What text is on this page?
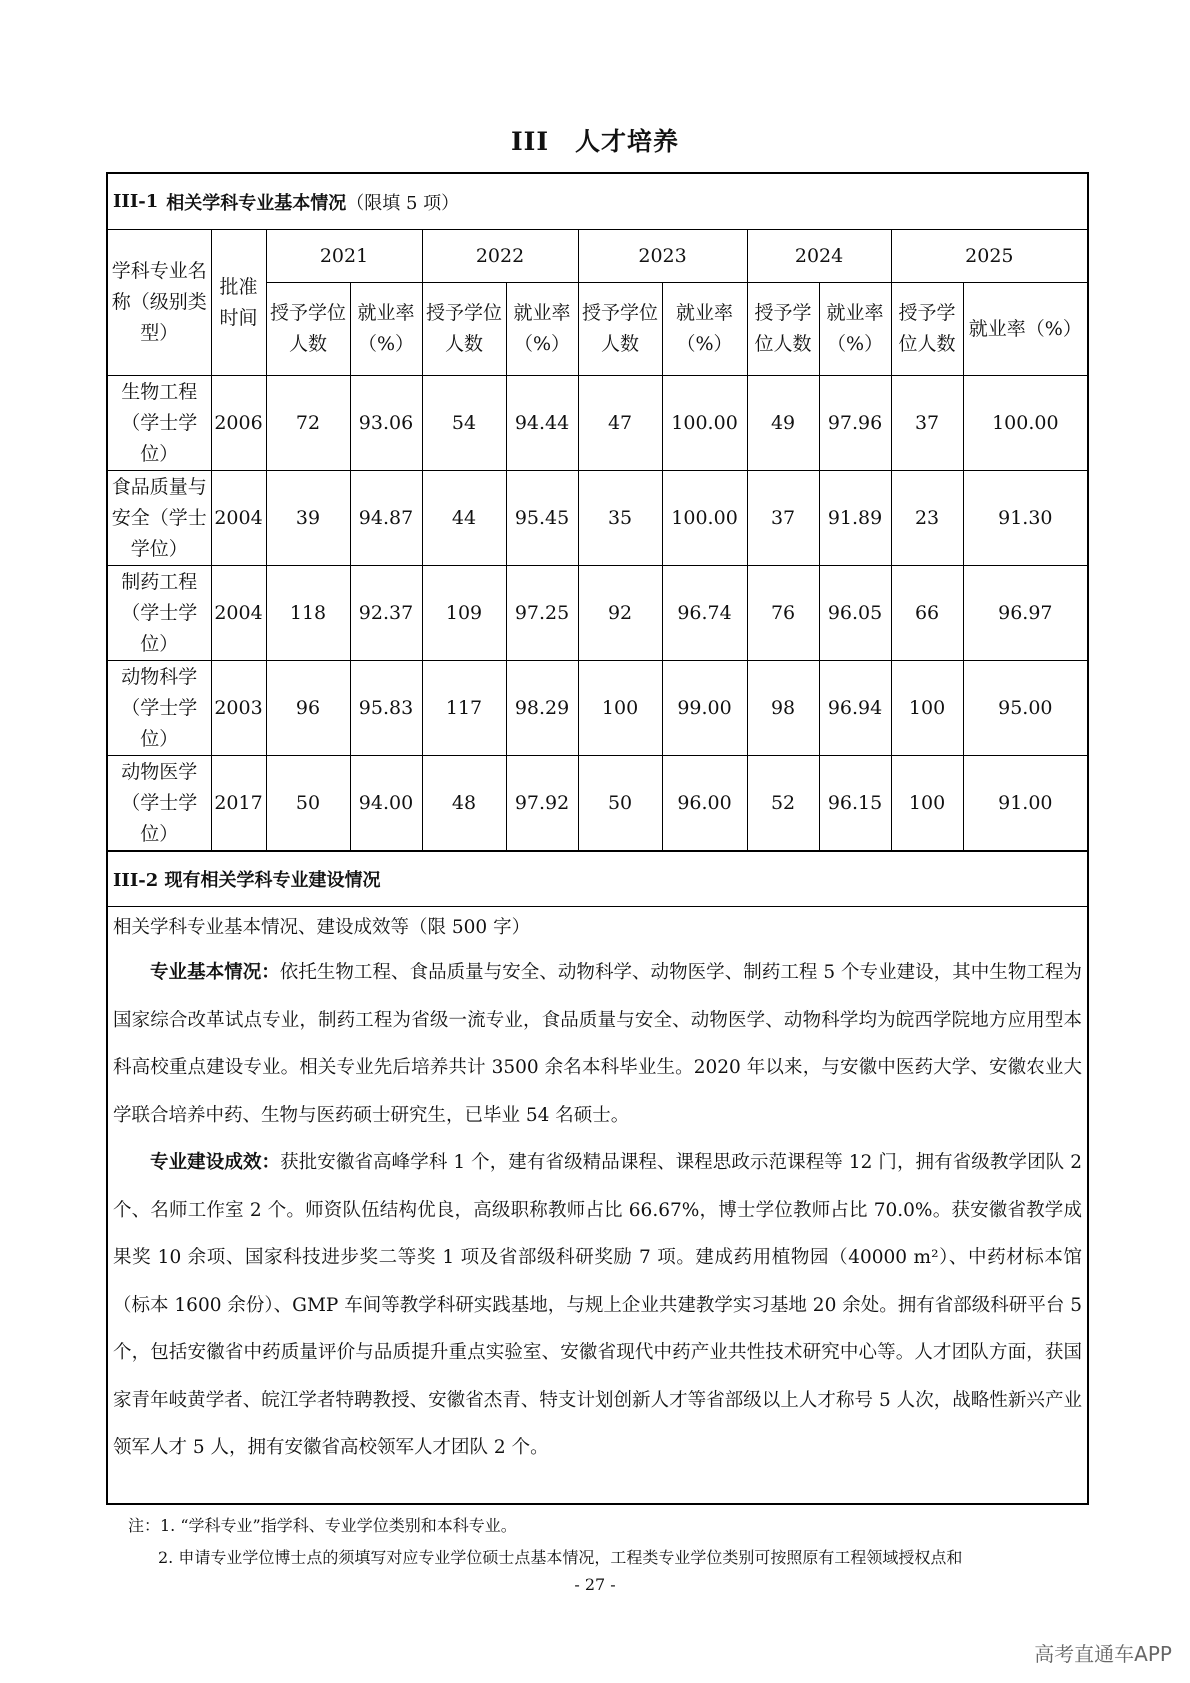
III　人才培养
III-1 相关学科专业基本情况 （限填 5 项）
学科专业名称（级别类型）	批准时间	2021		2022		2023		2024		2025	
		授予学位人数	就业率（%）	授予学位人数	就业率（%）	授予学位人数	就业率（%）	授予学位人数	就业率（%）	授予学位人数	就业率（%）
生物工程（学士学位）	2006	72	93.06	54	94.44	47	100.00	49	97.96	37	100.00
食品质量与安全（学士学位）	2004	39	94.87	44	95.45	35	100.00	37	91.89	23	91.30
制药工程（学士学位）	2004	118	92.37	109	97.25	92	96.74	76	96.05	66	96.97
动物科学（学士学位）	2003	96	95.83	117	98.29	100	99.00	98	96.94	100	95.00
动物医学（学士学位）	2017	50	94.00	48	97.92	50	96.00	52	96.15	100	91.00
III-2 现有相关学科专业建设情况
相关学科专业基本情况、建设成效等（限 500 字）

专业基本情况：依托生物工程、食品质量与安全、动物科学、动物医学、制药工程 5 个专业建设，其中生物工程为国家综合改革试点专业，制药工程为省级一流专业，食品质量与安全、动物医学、动物科学均为皖西学院地方应用型本科高校重点建设专业。相关专业先后培养共计 3500 余名本科毕业生。2020 年以来，与安徽中医药大学、安徽农业大学联合培养中药、生物与医药硕士研究生，已毕业 54 名硕士。

专业建设成效：获批安徽省高峰学科 1 个，建有省级精品课程、课程思政示范课程等 12 门，拥有省级教学团队 2 个、名师工作室 2 个。师资队伍结构优良，高级职称教师占比 66.67%，博士学位教师占比 70.0%。获安徽省教学成果奖 10 余项、国家科技进步奖二等奖 1 项及省部级科研奖励 7 项。建成药用植物园（40000 m²）、中药材标本馆（标本 1600 余份）、GMP 车间等教学科研实践基地，与规上企业共建教学实习基地 20 余处。拥有省部级科研平台 5 个，包括安徽省中药质量评价与品质提升重点实验室、安徽省现代中药产业共性技术研究中心等。人才团队方面，获国家青年岐黄学者、皖江学者特聘教授、安徽省杰青、特支计划创新人才等省部级以上人才称号 5 人次，战略性新兴产业领军人才 5 人，拥有安徽省高校领军人才团队 2 个。

注：1. “学科专业”指学科、专业学位类别和本科专业。
2. 申请专业学位博士点的须填写对应专业学位硕士点基本情况，工程类专业学位类别可按照原有工程领域授权点和
- 27 -
高考直通车APP
